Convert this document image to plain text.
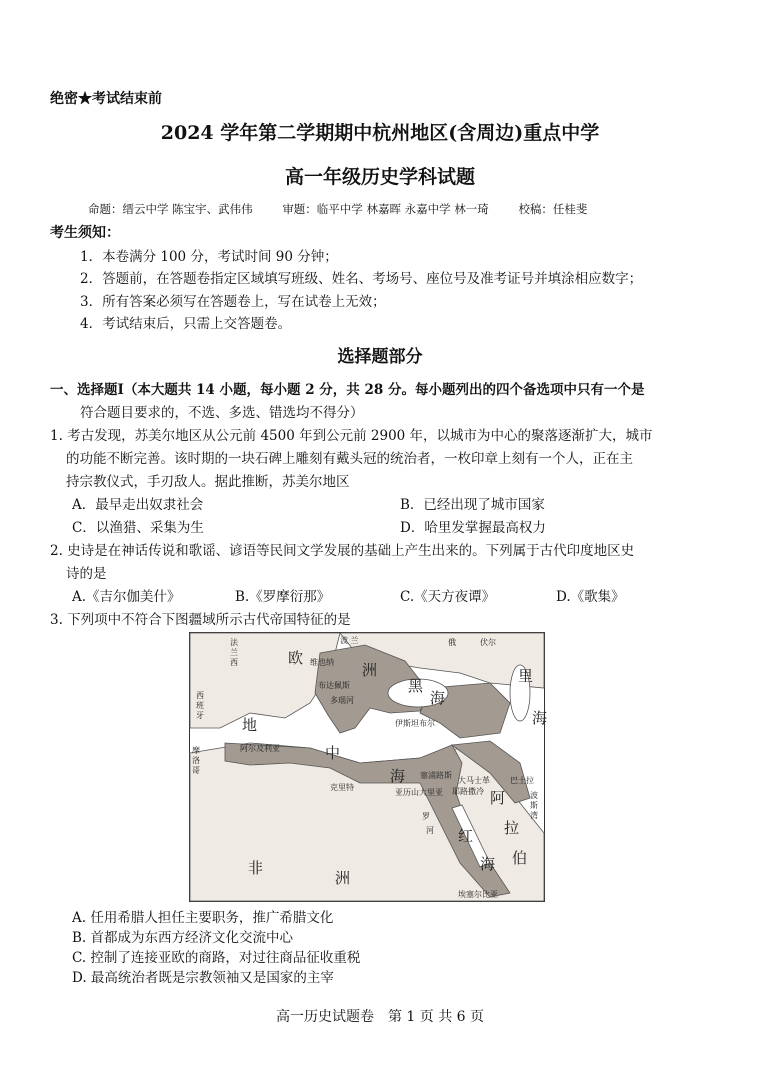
绝密★考试结束前
2024 学年第二学期期中杭州地区(含周边)重点中学
高一年级历史学科试题
命题：缙云中学 陈宝宇、武伟伟	审题：临平中学 林嘉晖 永嘉中学 林一琦	校稿：任桂斐
考生须知：
1．本卷满分 100 分，考试时间 90 分钟；
2．答题前，在答题卷指定区域填写班级、姓名、考场号、座位号及准考证号并填涂相应数字；
3．所有答案必须写在答题卷上，写在试卷上无效；
4．考试结束后，只需上交答题卷。
选择题部分
一、选择题Ⅰ（本大题共 14 小题，每小题 2 分，共 28 分。每小题列出的四个备选项中只有一个是
符合题目要求的，不选、多选、错选均不得分）
1. 考古发现，苏美尔地区从公元前 4500 年到公元前 2900 年，以城市为中心的聚落逐渐扩大，城市
的功能不断完善。该时期的一块石碑上雕刻有戴头冠的统治者，一枚印章上刻有一个人，正在主
持宗教仪式，手刃敌人。据此推断，苏美尔地区
A．最早走出奴隶社会	B．已经出现了城市国家
C．以渔猎、采集为生	D．哈里发掌握最高权力
2. 史诗是在神话传说和歌谣、谚语等民间文学发展的基础上产生出来的。下列属于古代印度地区史
诗的是
A.《吉尔伽美什》	B.《罗摩衍那》	C.《天方夜谭》	D.《歌集》
3. 下列项中不符合下图疆域所示古代帝国特征的是
法
兰
西
西
班
牙
摩
洛
哥
波 兰
维也纳
布达佩斯
多瑙河
伊斯坦布尔
阿尔及利亚
克里特
塞浦路斯
亚历山大里亚
大马士革
耶路撒冷
罗
河
俄	伏尔
巴士拉
波
斯
湾
埃塞尔比亚
欧
洲
黑
海
地
中
海
里
海
阿
拉
伯
红
海
非
洲
A. 任用希腊人担任主要职务，推广希腊文化
B. 首都成为东西方经济文化交流中心
C. 控制了连接亚欧的商路，对过往商品征收重税
D. 最高统治者既是宗教领袖又是国家的主宰
高一历史试题卷　第 1 页 共 6 页
